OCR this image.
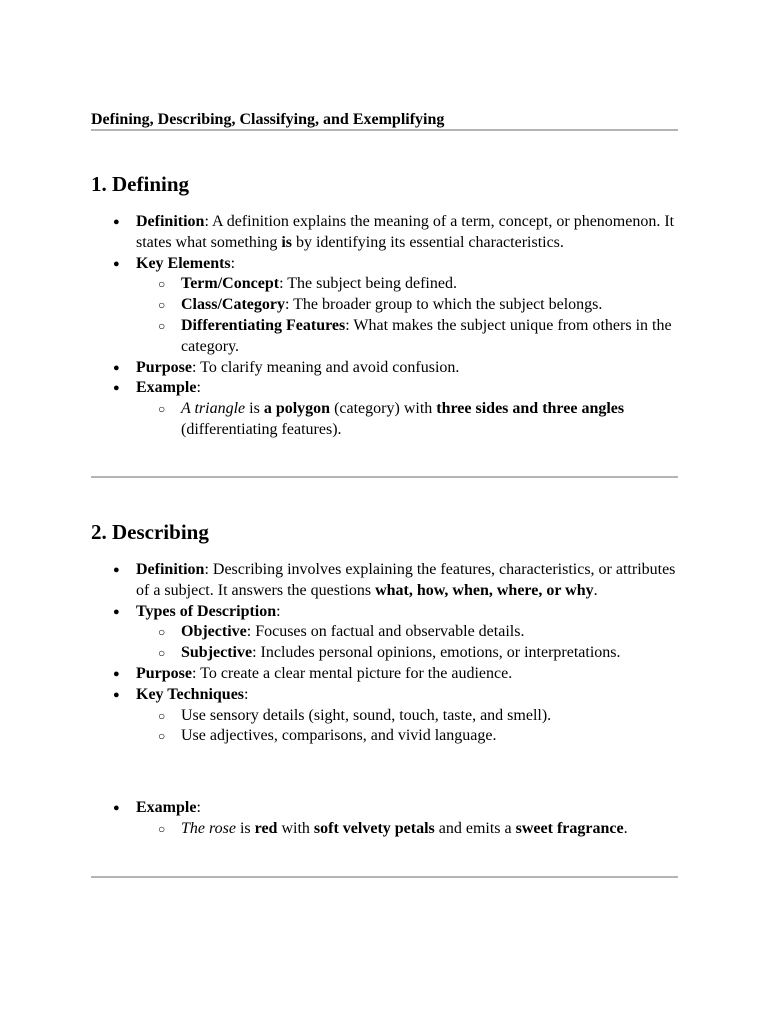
Defining, Describing, Classifying, and Exemplifying
1. Defining
● Definition: A definition explains the meaning of a term, concept, or phenomenon. It states what something is by identifying its essential characteristics.
● Key Elements:
○ Term/Concept: The subject being defined.
○ Class/Category: The broader group to which the subject belongs.
○ Differentiating Features: What makes the subject unique from others in the category.
● Purpose: To clarify meaning and avoid confusion.
● Example:
○ A triangle is a polygon (category) with three sides and three angles (differentiating features).
2. Describing
● Definition: Describing involves explaining the features, characteristics, or attributes of a subject. It answers the questions what, how, when, where, or why.
● Types of Description:
○ Objective: Focuses on factual and observable details.
○ Subjective: Includes personal opinions, emotions, or interpretations.
● Purpose: To create a clear mental picture for the audience.
● Key Techniques:
○ Use sensory details (sight, sound, touch, taste, and smell).
○ Use adjectives, comparisons, and vivid language.
● Example:
○ The rose is red with soft velvety petals and emits a sweet fragrance.
